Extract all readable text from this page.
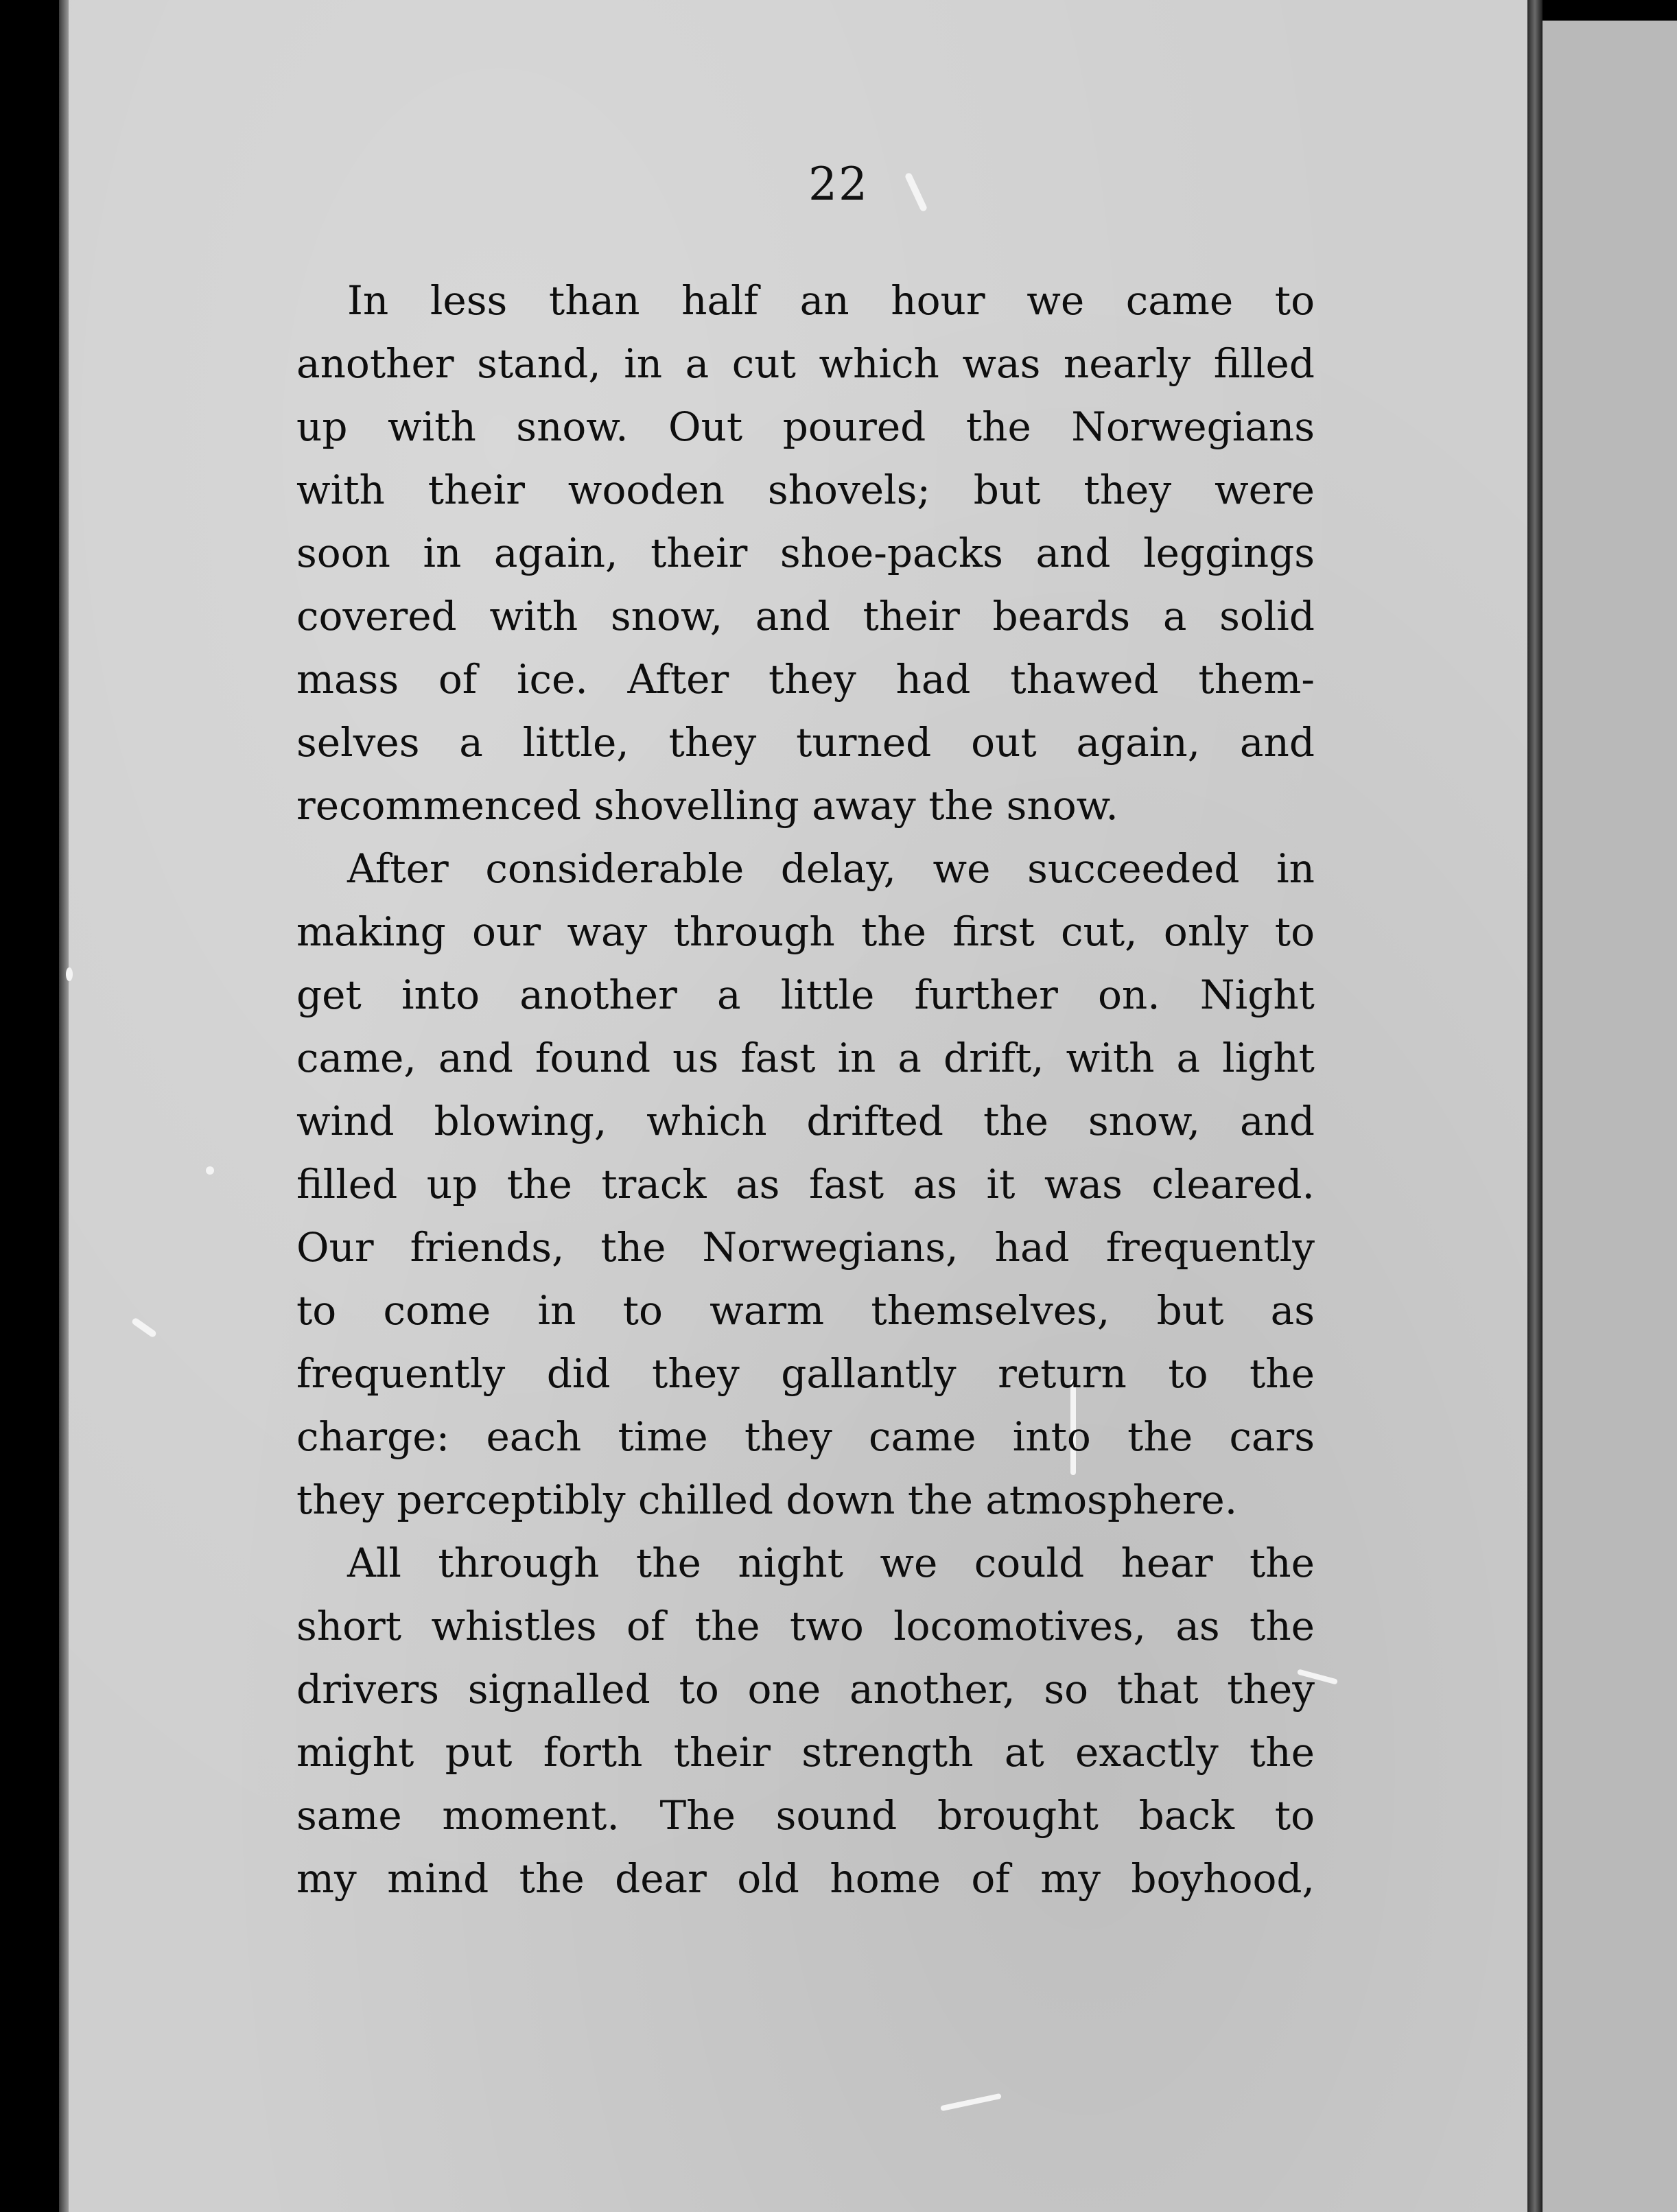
22
In less than half an hour we came to
another stand, in a cut which was nearly filled
up with snow. Out poured the Norwegians
with their wooden shovels; but they were
soon in again, their shoe-packs and leggings
covered with snow, and their beards a solid
mass of ice. After they had thawed them-
selves a little, they turned out again, and
recommenced shovelling away the snow.
After considerable delay, we succeeded in
making our way through the first cut, only to
get into another a little further on. Night
came, and found us fast in a drift, with a light
wind blowing, which drifted the snow, and
filled up the track as fast as it was cleared.
Our friends, the Norwegians, had frequently
to come in to warm themselves, but as
frequently did they gallantly return to the
charge: each time they came into the cars
they perceptibly chilled down the atmosphere.
All through the night we could hear the
short whistles of the two locomotives, as the
drivers signalled to one another, so that they
might put forth their strength at exactly the
same moment. The sound brought back to
my mind the dear old home of my boyhood,
